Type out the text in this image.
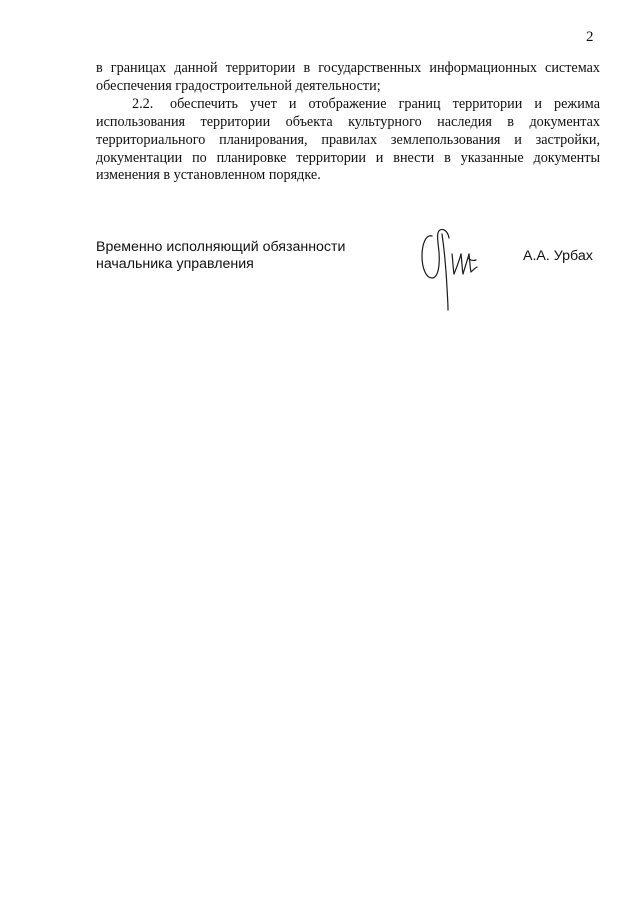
2

в границах данной территории в государственных информационных системах обеспечения градостроительной деятельности;

2.2. обеспечить учет и отображение границ территории и режима использования территории объекта культурного наследия в документах территориального планирования, правилах землепользования и застройки, документации по планировке территории и внести в указанные документы изменения в установленном порядке.

Временно исполняющий обязанности
начальника управления	А.А. Урбах
